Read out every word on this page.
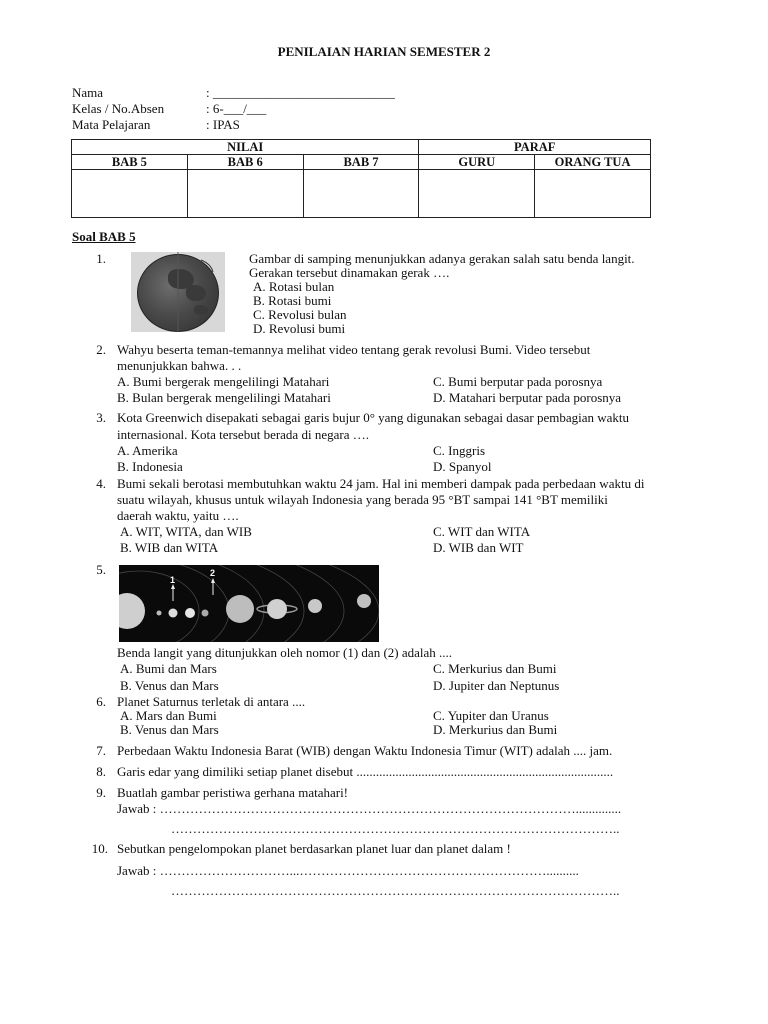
PENILAIAN HARIAN SEMESTER 2
Nama	: ____________________________
Kelas / No.Absen	: 6-___/___
Mata Pelajaran	: IPAS
NILAI			PARAF	
BAB 5	BAB 6	BAB 7	GURU	ORANG TUA

Soal BAB 5
1.	Gambar di samping menunjukkan adanya gerakan salah satu benda langit.
Gerakan tersebut dinamakan gerak ….
A. Rotasi bulan
B. Rotasi bumi
C. Revolusi bulan
D. Revolusi bumi
2. Wahyu beserta teman-temannya melihat video tentang gerak revolusi Bumi. Video tersebut
menunjukkan bahwa. . .
A. Bumi bergerak mengelilingi Matahari	C. Bumi berputar pada porosnya
B. Bulan bergerak mengelilingi Matahari	D. Matahari berputar pada porosnya
3. Kota Greenwich disepakati sebagai garis bujur 0° yang digunakan sebagai dasar pembagian waktu
internasional. Kota tersebut berada di negara ….
A. Amerika	C. Inggris
B. Indonesia	D. Spanyol
4. Bumi sekali berotasi membutuhkan waktu 24 jam. Hal ini memberi dampak pada perbedaan waktu di
suatu wilayah, khusus untuk wilayah Indonesia yang berada 95 °BT sampai 141 °BT memiliki
daerah waktu, yaitu ….
A. WIT, WITA, dan WIB	C. WIT dan WITA
B. WIB dan WITA	D. WIB dan WIT
5.
1
2
Benda langit yang ditunjukkan oleh nomor (1) dan (2) adalah ....
A. Bumi dan Mars	C. Merkurius dan Bumi
B. Venus dan Mars	D. Jupiter dan Neptunus
6. Planet Saturnus terletak di antara ....
A. Mars dan Bumi	C. Yupiter dan Uranus
B. Venus dan Mars	D. Merkurius dan Bumi
7. Perbedaan Waktu Indonesia Barat (WIB) dengan Waktu Indonesia Timur (WIT) adalah .... jam.
8. Garis edar yang dimiliki setiap planet disebut ...............................................................................
9. Buatlah gambar peristiwa gerhana matahari!
Jawab : ……………………………………………………………………………………..............
…………………………………………………………………………………………..
10. Sebutkan pengelompokan planet berdasarkan planet luar dan planet dalam !
Jawab : …………………………...…………………………………………………..........
…………………………………………………………………………………………..
